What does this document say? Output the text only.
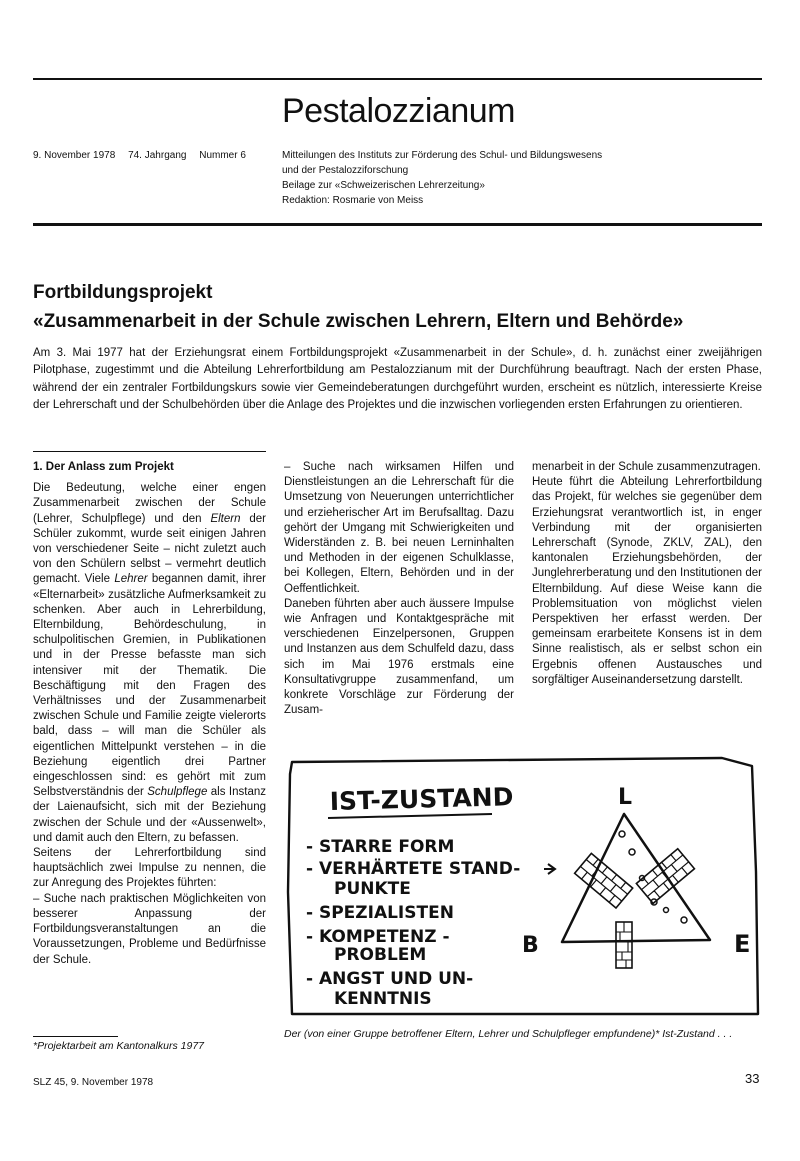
Pestalozzianum
9. November 1978 74. Jahrgang Nummer 6	Mitteilungen des Instituts zur Förderung des Schul- und Bildungswesens
und der Pestalozziforschung
Beilage zur «Schweizerischen Lehrerzeitung»
Redaktion: Rosmarie von Meiss
Fortbildungsprojekt
«Zusammenarbeit in der Schule zwischen Lehrern, Eltern und Behörde»

Am 3. Mai 1977 hat der Erziehungsrat einem Fortbildungsprojekt «Zusammenarbeit in der Schule», d. h. zunächst einer zweijährigen Pilotphase, zugestimmt und die Abteilung Lehrerfortbildung am Pestalozzianum mit der Durchführung beauftragt. Nach der ersten Phase, während der ein zentraler Fortbildungskurs sowie vier Gemeindeberatungen durchgeführt wurden, erscheint es nützlich, interessierte Kreise der Lehrerschaft und der Schulbehörden über die Anlage des Projektes und die inzwischen vorliegenden ersten Erfahrungen zu orientieren.

1. Der Anlass zum Projekt

Die Bedeutung, welche einer engen Zusammenarbeit zwischen der Schule (Lehrer, Schulpflege) und den Eltern der Schüler zukommt, wurde seit einigen Jahren von verschiedener Seite – nicht zuletzt auch von den Schülern selbst – vermehrt deutlich gemacht. Viele Lehrer begannen damit, ihrer «Elternarbeit» zusätzliche Aufmerksamkeit zu schenken. Aber auch in Lehrerbildung, Elternbildung, Behördeschulung, in schulpolitischen Gremien, in Publikationen und in der Presse befasste man sich intensiver mit der Thematik. Die Beschäftigung mit den Fragen des Verhältnisses und der Zusammenarbeit zwischen Schule und Familie zeigte vielerorts bald, dass – will man die Schüler als eigentlichen Mittelpunkt verstehen – in die Beziehung eigentlich drei Partner eingeschlossen sind: es gehört mit zum Selbstverständnis der Schulpflege als Instanz der Laienaufsicht, sich mit der Beziehung zwischen der Schule und der «Aussenwelt», und damit auch den Eltern, zu befassen.

Seitens der Lehrerfortbildung sind hauptsächlich zwei Impulse zu nennen, die zur Anregung des Projektes führten:

– Suche nach praktischen Möglichkeiten von besserer Anpassung der Fortbildungsveranstaltungen an die Voraussetzungen, Probleme und Bedürfnisse der Schule.

– Suche nach wirksamen Hilfen und Dienstleistungen an die Lehrerschaft für die Umsetzung von Neuerungen unterrichtlicher und erzieherischer Art im Berufsalltag. Dazu gehört der Umgang mit Schwierigkeiten und Widerständen z. B. bei neuen Lerninhalten und Methoden in der eigenen Schulklasse, bei Kollegen, Eltern, Behörden und in der Oeffentlichkeit.

Daneben führten aber auch äussere Impulse wie Anfragen und Kontaktgespräche mit verschiedenen Einzelpersonen, Gruppen und Instanzen aus dem Schulfeld dazu, dass sich im Mai 1976 erstmals eine Konsultativgruppe zusammenfand, um konkrete Vorschläge zur Förderung der Zusam-

menarbeit in der Schule zusammenzutragen.

Heute führt die Abteilung Lehrerfortbildung das Projekt, für welches sie gegenüber dem Erziehungsrat verantwortlich ist, in enger Verbindung mit der organisierten Lehrerschaft (Synode, ZKLV, ZAL), den kantonalen Erziehungsbehörden, der Junglehrerberatung und den Institutionen der Elternbildung. Auf diese Weise kann die Problemsituation von möglichst vielen Perspektiven her erfasst werden. Der gemeinsam erarbeitete Konsens ist in dem Sinne realistisch, als er selbst schon ein Ergebnis offenen Austausches und sorgfältiger Auseinandersetzung darstellt.

*Projektarbeit am Kantonalkurs 1977

IST-ZUSTAND
- STARRE FORM
- VERHÄRTETE STAND-
PUNKTE
- SPEZIALISTEN
- KOMPETENZ -
PROBLEM
- ANGST UND UN-
KENNTNIS
L
B	E

Der (von einer Gruppe betroffener Eltern, Lehrer und Schulpfleger empfundene)* Ist-Zustand . . .

SLZ 45, 9. November 1978	33
